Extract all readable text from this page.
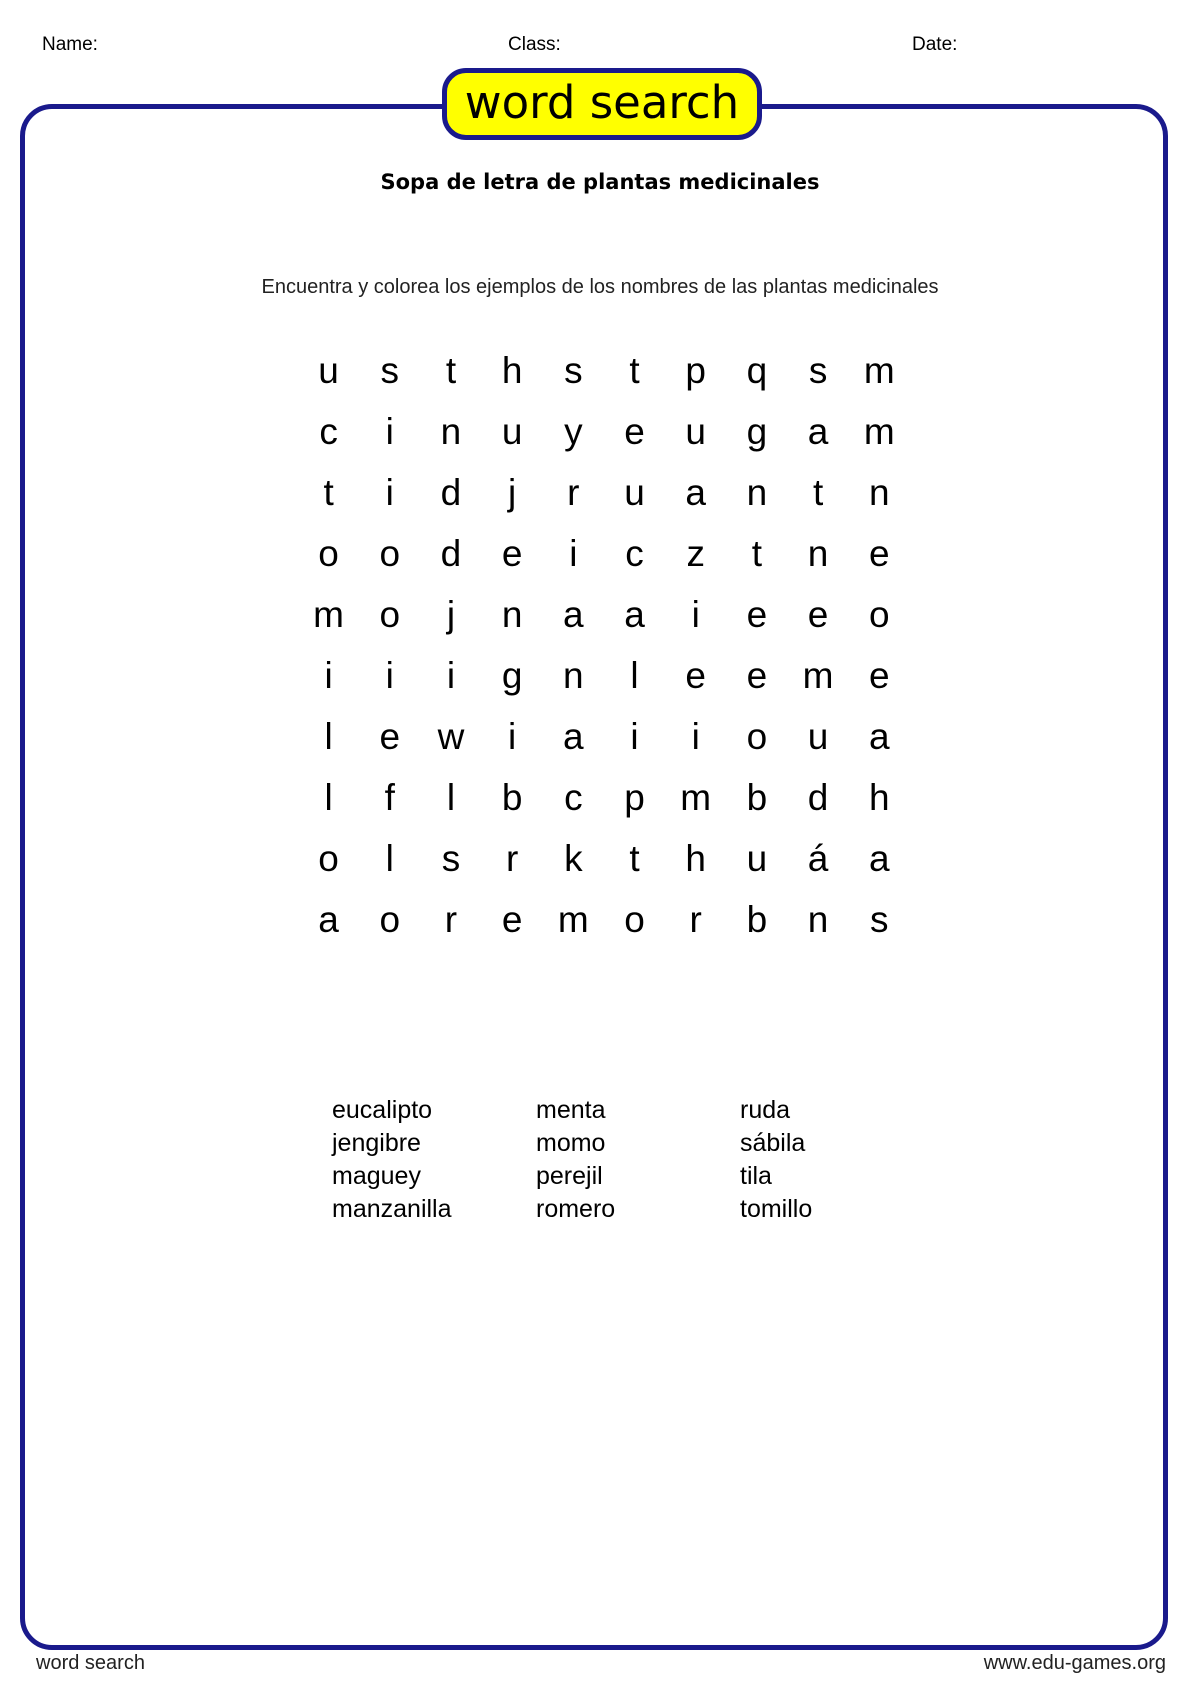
Name:	Class:	Date:
word search
Sopa de letra de plantas medicinales
Encuentra y colorea los ejemplos de los nombres de las plantas medicinales
u	s	t	h	s	t	p	q	s m
c	i	n	u	y	e	u	g	a m
t	i	d	j	r	u	a	n	t	n
o	o	d	e	i	c	z	t	n	e
m o	j	n	a	a	i	e	e	o
i	i	i	g	n	l	e	e m e
l	e	w	i	a	i	i	o	u	a
l	f	l	b	c	p m b	d	h
o	l	s	r	k	t	h	u	á	a
a	o	r	e m o	r	b	n	s
eucalipto
jengibre
maguey
manzanilla
menta
momo
perejil
romero
ruda
sábila
tila
tomillo
word search	www.edu-games.org
